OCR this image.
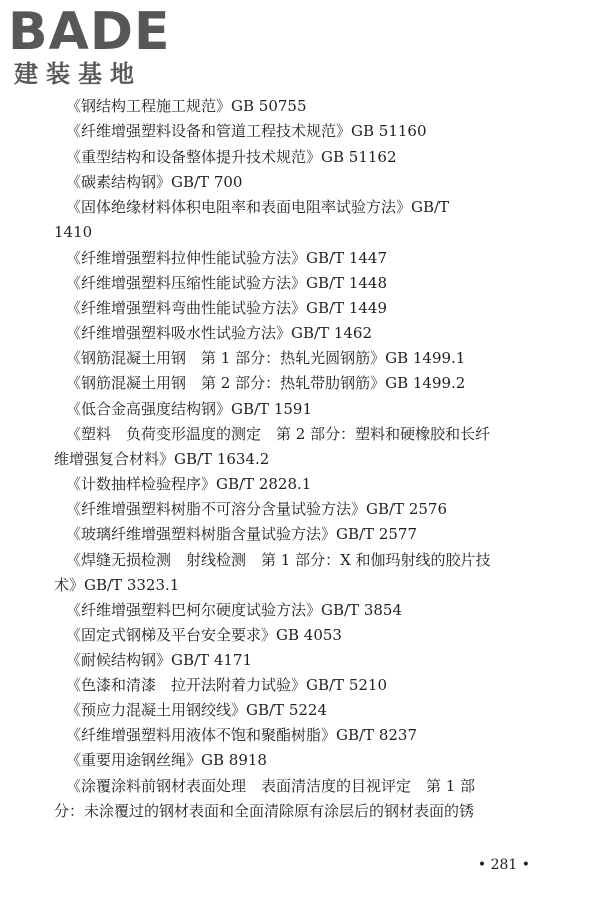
BADE
建装基地
《钢结构工程施工规范》GB 50755
《纤维增强塑料设备和管道工程技术规范》GB 51160
《重型结构和设备整体提升技术规范》GB 51162
《碳素结构钢》GB/T 700
《固体绝缘材料体积电阻率和表面电阻率试验方法》GB/T
1410
《纤维增强塑料拉伸性能试验方法》GB/T 1447
《纤维增强塑料压缩性能试验方法》GB/T 1448
《纤维增强塑料弯曲性能试验方法》GB/T 1449
《纤维增强塑料吸水性试验方法》GB/T 1462
《钢筋混凝土用钢　第 1 部分：热轧光圆钢筋》GB 1499.1
《钢筋混凝土用钢　第 2 部分：热轧带肋钢筋》GB 1499.2
《低合金高强度结构钢》GB/T 1591
《塑料　负荷变形温度的测定　第 2 部分：塑料和硬橡胶和长纤
维增强复合材料》GB/T 1634.2
《计数抽样检验程序》GB/T 2828.1
《纤维增强塑料树脂不可溶分含量试验方法》GB/T 2576
《玻璃纤维增强塑料树脂含量试验方法》GB/T 2577
《焊缝无损检测　射线检测　第 1 部分：X 和伽玛射线的胶片技
术》GB/T 3323.1
《纤维增强塑料巴柯尔硬度试验方法》GB/T 3854
《固定式钢梯及平台安全要求》GB 4053
《耐候结构钢》GB/T 4171
《色漆和清漆　拉开法附着力试验》GB/T 5210
《预应力混凝土用钢绞线》GB/T 5224
《纤维增强塑料用液体不饱和聚酯树脂》GB/T 8237
《重要用途钢丝绳》GB 8918
《涂覆涂料前钢材表面处理　表面清洁度的目视评定　第 1 部
分：未涂覆过的钢材表面和全面清除原有涂层后的钢材表面的锈
• 281 •
